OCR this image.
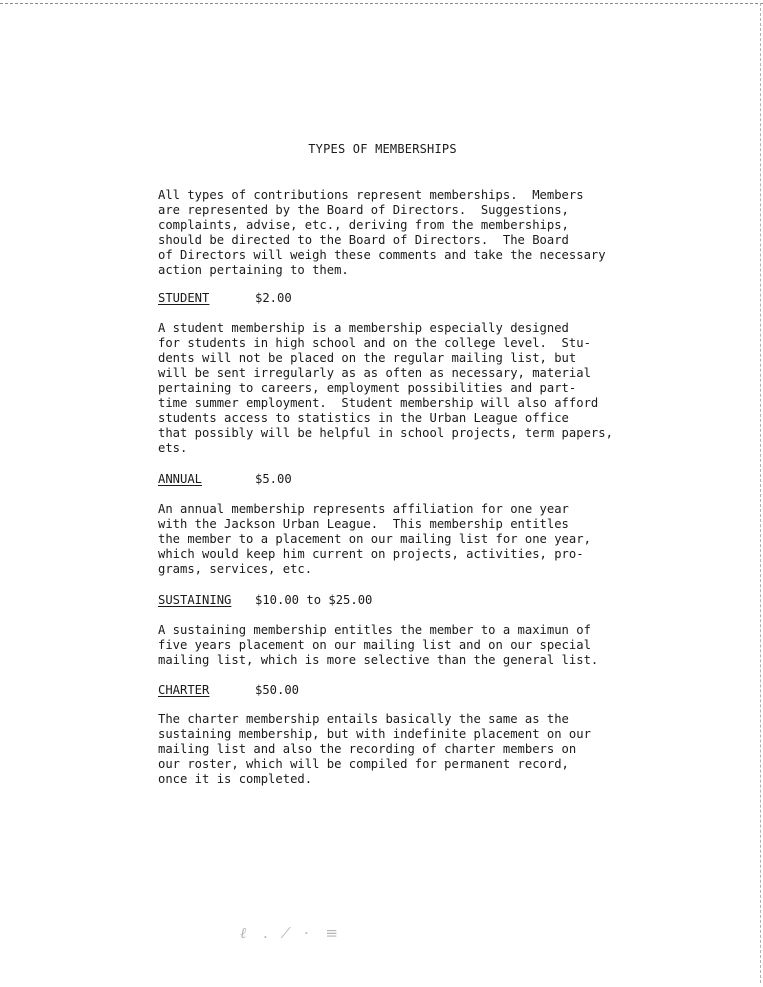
TYPES OF MEMBERSHIPS

All types of contributions represent memberships.  Members
are represented by the Board of Directors.  Suggestions,
complaints, advise, etc., deriving from the memberships,
should be directed to the Board of Directors.  The Board
of Directors will weigh these comments and take the necessary
action pertaining to them.

STUDENT	$2.00

A student membership is a membership especially designed
for students in high school and on the college level.  Stu-
dents will not be placed on the regular mailing list, but
will be sent irregularly as as often as necessary, material
pertaining to careers, employment possibilities and part-
time summer employment.  Student membership will also afford
students access to statistics in the Urban League office
that possibly will be helpful in school projects, term papers,
ets.

ANNUAL	$5.00

An annual membership represents affiliation for one year
with the Jackson Urban League.  This membership entitles
the member to a placement on our mailing list for one year,
which would keep him current on projects, activities, pro-
grams, services, etc.

SUSTAINING $10.00 to $25.00

A sustaining membership entitles the member to a maximun of
five years placement on our mailing list and on our special
mailing list, which is more selective than the general list.

CHARTER	$50.00

The charter membership entails basically the same as the
sustaining membership, but with indefinite placement on our
mailing list and also the recording of charter members on
our roster, which will be compiled for permanent record,
once it is completed.

ℓ . ⁄ · ≡
